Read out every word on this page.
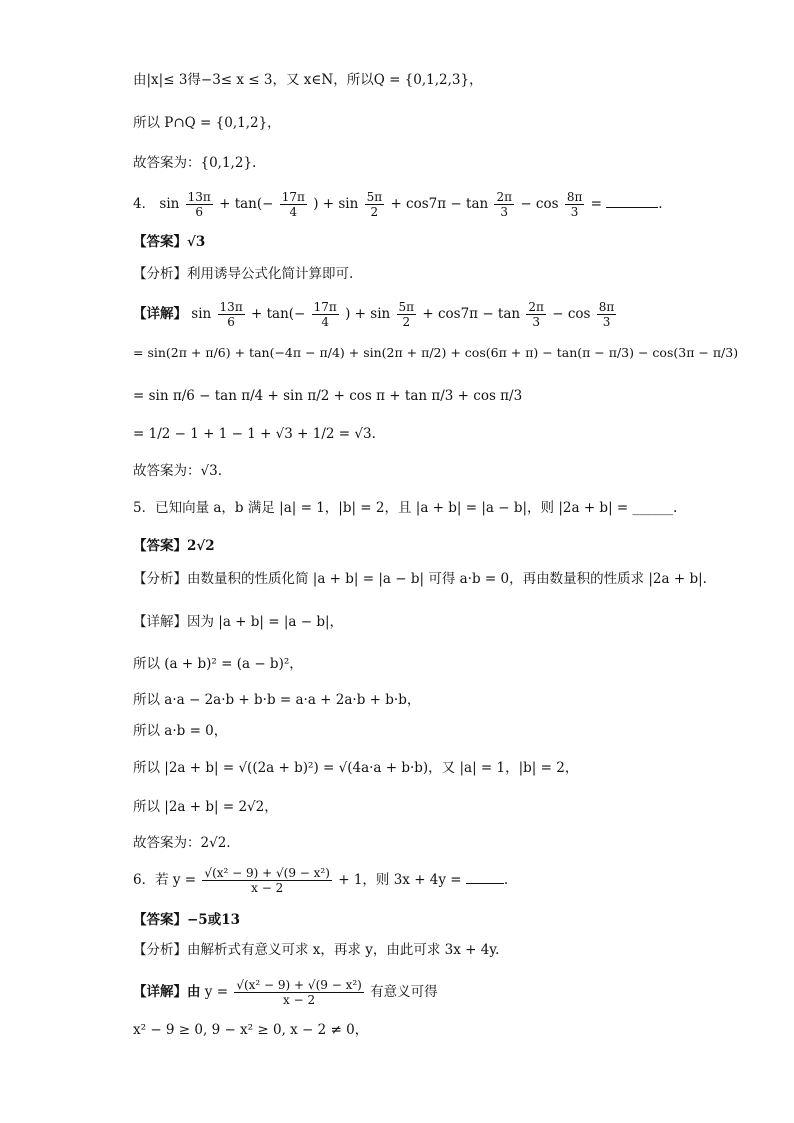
由|x|≤ 3得−3≤ x ≤ 3，又 x∈N，所以Q = {0,1,2,3}，
所以 P∩Q = {0,1,2}，
故答案为：{0,1,2}.
4． $\sin \frac{13\pi}{6} + \tan(- \frac{17\pi}{4}$ ) + $\sin \frac{5\pi}{2} + \cos 7\pi - \tan \frac{2\pi}{3} - \cos \frac{8\pi}{3}$ =	.
【答案】√3
【分析】利用诱导公式化简计算即可.
【详解】 $\sin \frac{13\pi}{6} + \tan(- \frac{17\pi}{4}$ ) + $\sin \frac{5\pi}{2} + \cos 7\pi - \tan \frac{2\pi}{3} - \cos \frac{8\pi}{3}$
= sin(2π + π/6) + tan(−4π − π/4) + sin(2π + π/2) + cos(6π + π) − tan(π − π/3) − cos(3π − π/3)
= sin π/6 − tan π/4 + sin π/2 + cos π + tan π/3 + cos π/3
= 1/2 − 1 + 1 − 1 + √3 + 1/2 = √3.
故答案为：√3.
5．已知向量 a，b 满足 |a| = 1，|b| = 2，且 |a + b| = |a − b|，则 |2a + b| = ______.
【答案】2√2
【分析】由数量积的性质化简 |a + b| = |a − b| 可得 a·b = 0，再由数量积的性质求 |2a + b|.
【详解】因为 |a + b| = |a − b|，
所以 (a + b)² = (a − b)²，
所以 a·a − 2a·b + b·b = a·a + 2a·b + b·b，
所以 a·b = 0，
所以 |2a + b| = √((2a + b)²) = √(4a·a + b·b)，又 |a| = 1，|b| = 2，
所以 |2a + b| = 2√2，
故答案为：2√2.
6．若 $y = \frac{\text{√(x² − 9) + √(9 − x²)}}{x - 2} + 1$，则 3x + 4y =	.
【答案】−5或13
【分析】由解析式有意义可求 x，再求 y，由此可求 3x + 4y.
【详解】由 $y = \frac{\text{√(x² − 9) + √(9 − x²)}}{x - 2}$ 有意义可得
x² − 9 ≥ 0, 9 − x² ≥ 0, x − 2 ≠ 0，
